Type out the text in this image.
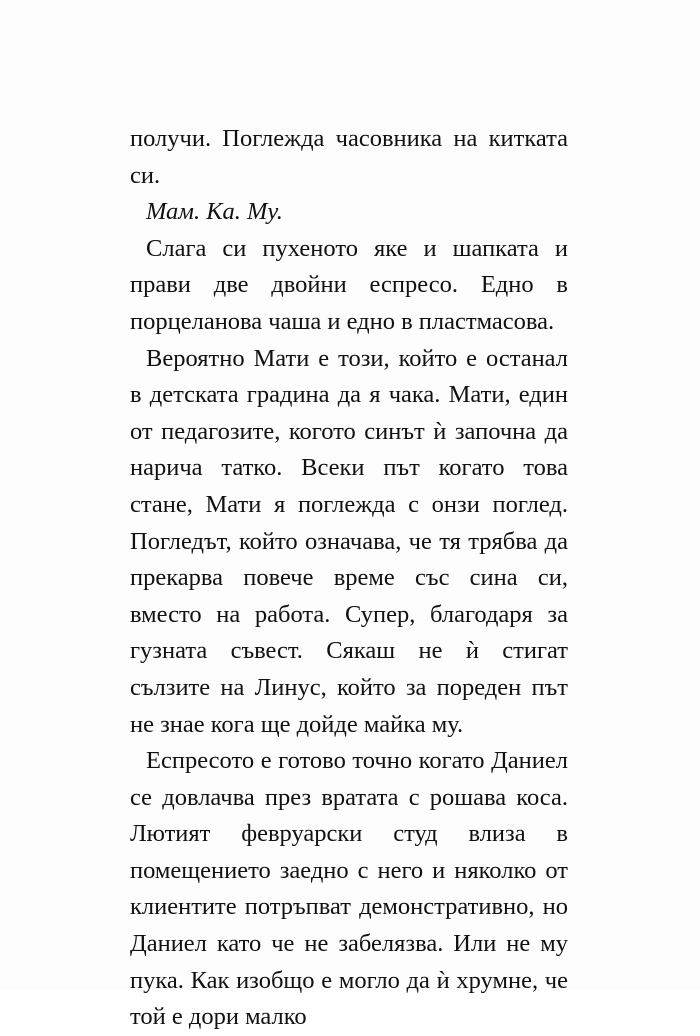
получи. Поглежда часовника на китката си.

Мам. Ка. Му.

Слага си пухеното яке и шапката и прави две двойни еспресо. Едно в порцеланова чаша и едно в пластмасова.

Вероятно Мати е този, който е останал в детската градина да я чака. Мати, един от педагозите, когото синът ѝ започна да нарича татко. Всеки път когато това стане, Мати я поглежда с онзи поглед. Погледът, който означава, че тя трябва да прекарва повече време със сина си, вместо на работа. Супер, благодаря за гузната съвест. Сякаш не ѝ стигат сълзите на Линус, който за пореден път не знае кога ще дойде майка му.

Еспресото е готово точно когато Даниел се довлачва през вратата с рошава коса. Лютият февруарски студ влиза в помещението заедно с него и няколко от клиентите потръпват демонстративно, но Даниел като че не забелязва. Или не му пука. Как изобщо е могло да ѝ хрумне, че той е дори малко
